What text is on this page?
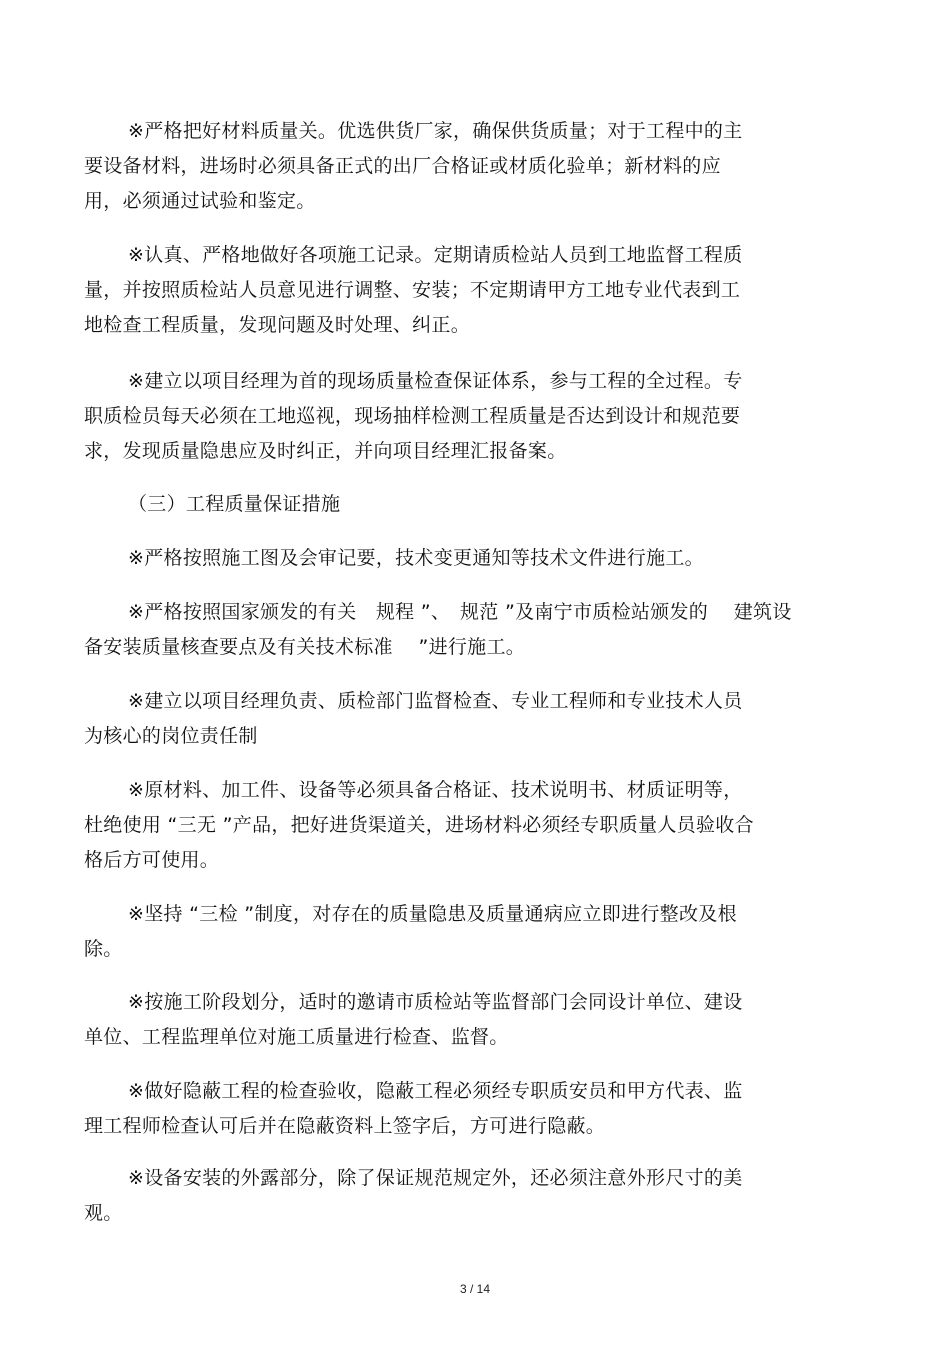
※严格把好材料质量关。优选供货厂家，确保供货质量；对于工程中的主
要设备材料，进场时必须具备正式的出厂合格证或材质化验单；新材料的应
用，必须通过试验和鉴定。

※认真、严格地做好各项施工记录。定期请质检站人员到工地监督工程质
量，并按照质检站人员意见进行调整、安装；不定期请甲方工地专业代表到工
地检查工程质量，发现问题及时处理、纠正。

※建立以项目经理为首的现场质量检查保证体系，参与工程的全过程。专
职质检员每天必须在工地巡视，现场抽样检测工程质量是否达到设计和规范要
求，发现质量隐患应及时纠正，并向项目经理汇报备案。

（三）工程质量保证措施

※严格按照施工图及会审记要，技术变更通知等技术文件进行施工。

※严格按照国家颁发的有关　规程 ”、　规范 ”及南宁市质检站颁发的　 建筑设
备安装质量核查要点及有关技术标准　 ”进行施工。

※建立以项目经理负责、质检部门监督检查、专业工程师和专业技术人员
为核心的岗位责任制

※原材料、加工件、设备等必须具备合格证、技术说明书、材质证明等，
杜绝使用 “三无 ”产品，把好进货渠道关，进场材料必须经专职质量人员验收合
格后方可使用。

※坚持 “三检 ”制度，对存在的质量隐患及质量通病应立即进行整改及根
除。

※按施工阶段划分，适时的邀请市质检站等监督部门会同设计单位、建设
单位、工程监理单位对施工质量进行检查、监督。

※做好隐蔽工程的检查验收，隐蔽工程必须经专职质安员和甲方代表、监
理工程师检查认可后并在隐蔽资料上签字后，方可进行隐蔽。

※设备安装的外露部分，除了保证规范规定外，还必须注意外形尺寸的美
观。

3 / 14
